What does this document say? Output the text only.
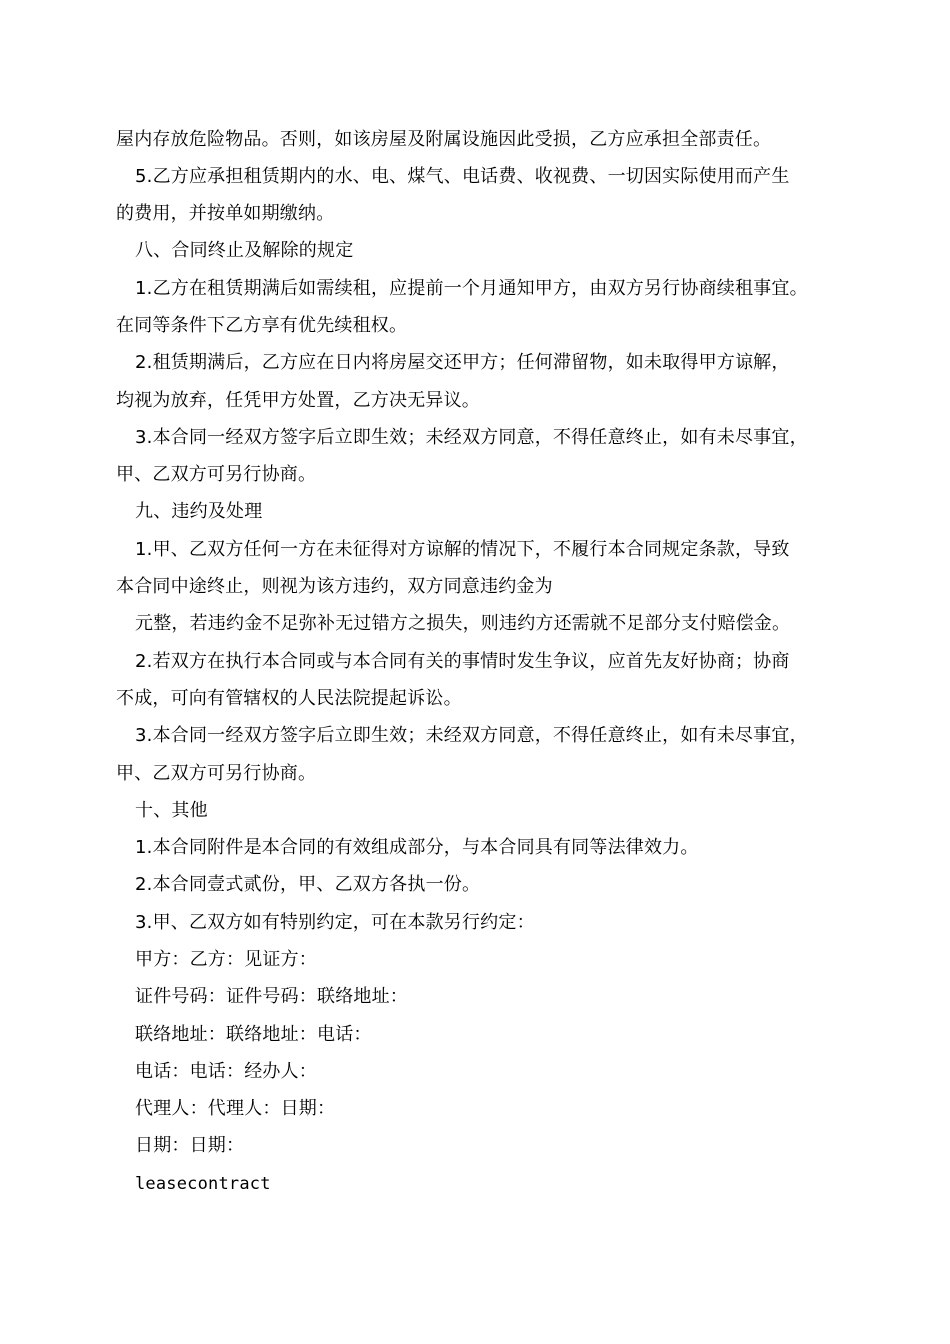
屋内存放危险物品。否则，如该房屋及附属设施因此受损，乙方应承担全部责任。
5.乙方应承担租赁期内的水、电、煤气、电话费、收视费、一切因实际使用而产生
的费用，并按单如期缴纳。
八、合同终止及解除的规定
1.乙方在租赁期满后如需续租，应提前一个月通知甲方，由双方另行协商续租事宜。
在同等条件下乙方享有优先续租权。
2.租赁期满后，乙方应在日内将房屋交还甲方；任何滞留物，如未取得甲方谅解，
均视为放弃，任凭甲方处置，乙方决无异议。
3.本合同一经双方签字后立即生效；未经双方同意，不得任意终止，如有未尽事宜，
甲、乙双方可另行协商。
九、违约及处理
1.甲、乙双方任何一方在未征得对方谅解的情况下，不履行本合同规定条款，导致
本合同中途终止，则视为该方违约，双方同意违约金为
元整，若违约金不足弥补无过错方之损失，则违约方还需就不足部分支付赔偿金。
2.若双方在执行本合同或与本合同有关的事情时发生争议，应首先友好协商；协商
不成，可向有管辖权的人民法院提起诉讼。
3.本合同一经双方签字后立即生效；未经双方同意，不得任意终止，如有未尽事宜，
甲、乙双方可另行协商。
十、其他
1.本合同附件是本合同的有效组成部分，与本合同具有同等法律效力。
2.本合同壹式贰份，甲、乙双方各执一份。
3.甲、乙双方如有特别约定，可在本款另行约定：
甲方：乙方：见证方：
证件号码：证件号码：联络地址：
联络地址：联络地址：电话：
电话：电话：经办人：
代理人：代理人：日期：
日期：日期：
leasecontract
